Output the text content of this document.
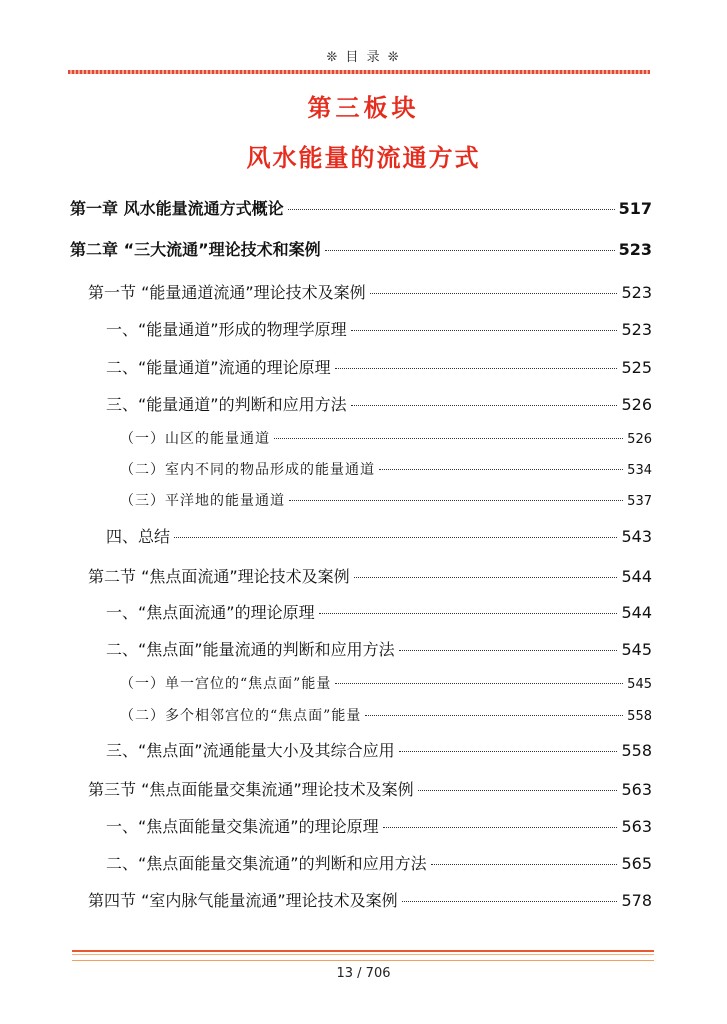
❊ 目 录 ❊
第三板块
风水能量的流通方式
第一章 风水能量流通方式概论	517
第二章 “三大流通”理论技术和案例	523
第一节 “能量通道流通”理论技术及案例	523
一、“能量通道”形成的物理学原理	523
二、“能量通道”流通的理论原理	525
三、“能量通道”的判断和应用方法	526
（一）山区的能量通道	526
（二）室内不同的物品形成的能量通道	534
（三）平洋地的能量通道	537
四、总结	543
第二节 “焦点面流通”理论技术及案例	544
一、“焦点面流通”的理论原理	544
二、“焦点面”能量流通的判断和应用方法	545
（一）单一宫位的“焦点面”能量	545
（二）多个相邻宫位的“焦点面”能量	558
三、“焦点面”流通能量大小及其综合应用	558
第三节 “焦点面能量交集流通”理论技术及案例	563
一、“焦点面能量交集流通”的理论原理	563
二、“焦点面能量交集流通”的判断和应用方法	565
第四节 “室内脉气能量流通”理论技术及案例	578
13 / 706
